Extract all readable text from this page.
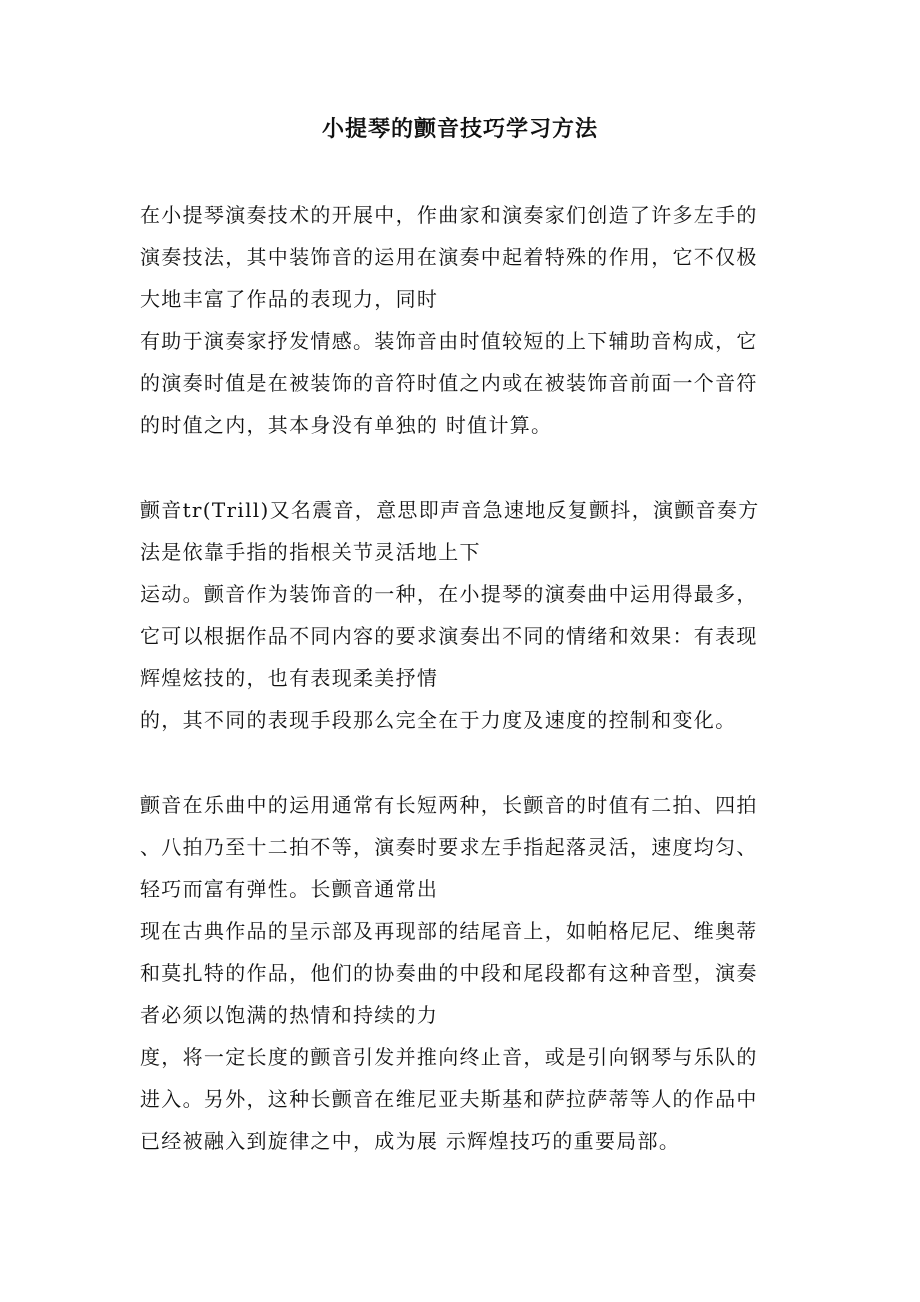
小提琴的颤音技巧学习方法
在小提琴演奏技术的开展中，作曲家和演奏家们创造了许多左手的
演奏技法，其中装饰音的运用在演奏中起着特殊的作用，它不仅极
大地丰富了作品的表现力，同时
有助于演奏家抒发情感。装饰音由时值较短的上下辅助音构成，它
的演奏时值是在被装饰的音符时值之内或在被装饰音前面一个音符
的时值之内，其本身没有单独的 时值计算。
颤音tr(Trill)又名震音，意思即声音急速地反复颤抖，演颤音奏方
法是依靠手指的指根关节灵活地上下
运动。颤音作为装饰音的一种，在小提琴的演奏曲中运用得最多，
它可以根据作品不同内容的要求演奏出不同的情绪和效果：有表现
辉煌炫技的，也有表现柔美抒情
的，其不同的表现手段那么完全在于力度及速度的控制和变化。
颤音在乐曲中的运用通常有长短两种，长颤音的时值有二拍、四拍
、八拍乃至十二拍不等，演奏时要求左手指起落灵活，速度均匀、
轻巧而富有弹性。长颤音通常出
现在古典作品的呈示部及再现部的结尾音上，如帕格尼尼、维奥蒂
和莫扎特的作品，他们的协奏曲的中段和尾段都有这种音型，演奏
者必须以饱满的热情和持续的力
度，将一定长度的颤音引发并推向终止音，或是引向钢琴与乐队的
进入。另外，这种长颤音在维尼亚夫斯基和萨拉萨蒂等人的作品中
已经被融入到旋律之中，成为展 示辉煌技巧的重要局部。
